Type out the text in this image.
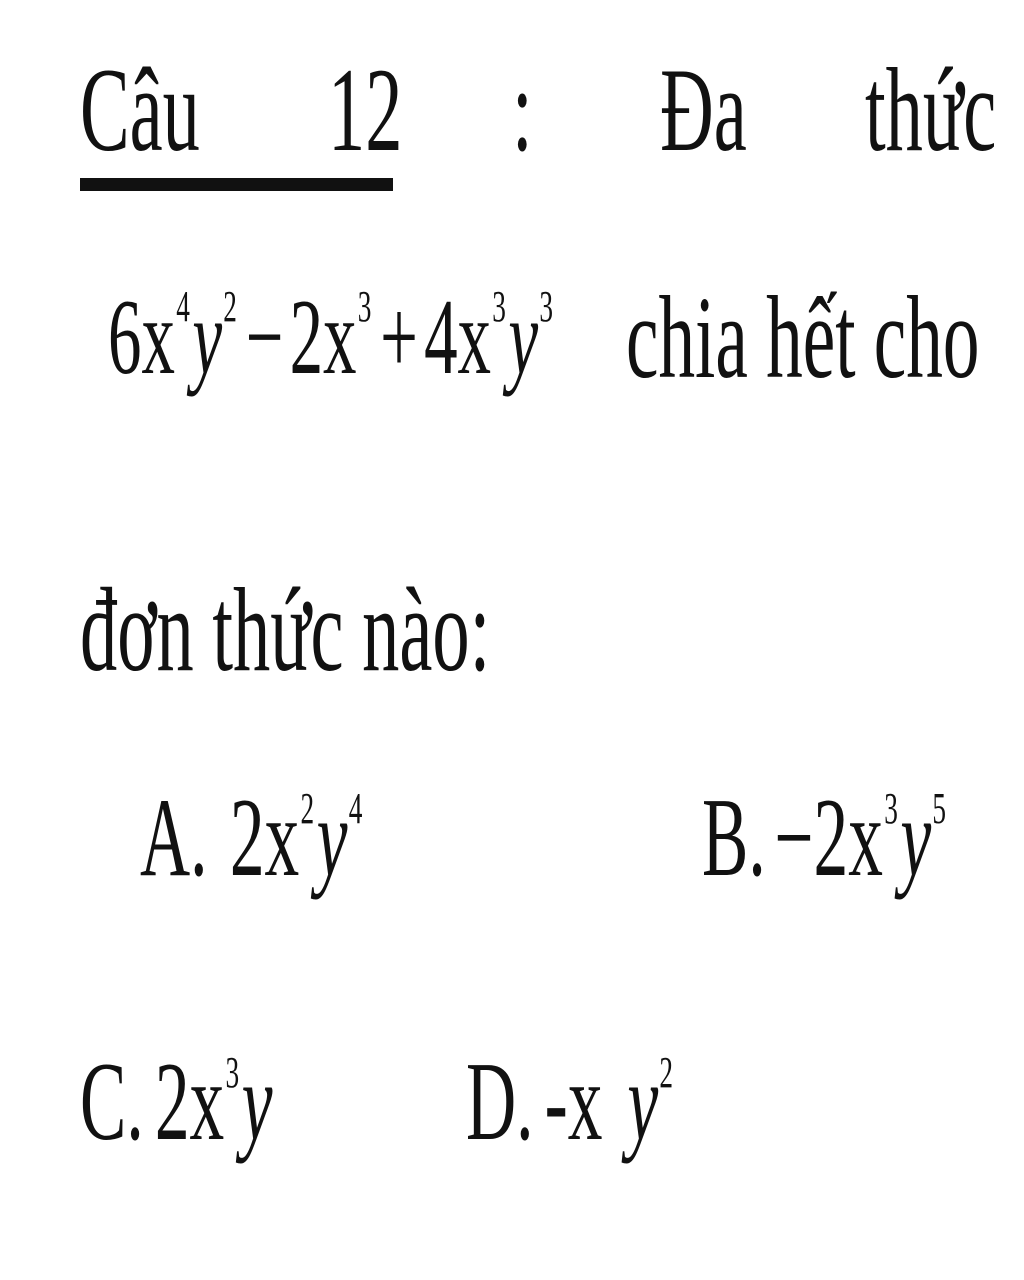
Câu 12 : Đa thức
$6x^4y^2-2x^3+4x^3y^3$ chia hết cho
đơn thức nào:
A. $2x^2y^4$	$B.-2x^3y^5$
$C.2x^3y$	D.-x $y^2$
